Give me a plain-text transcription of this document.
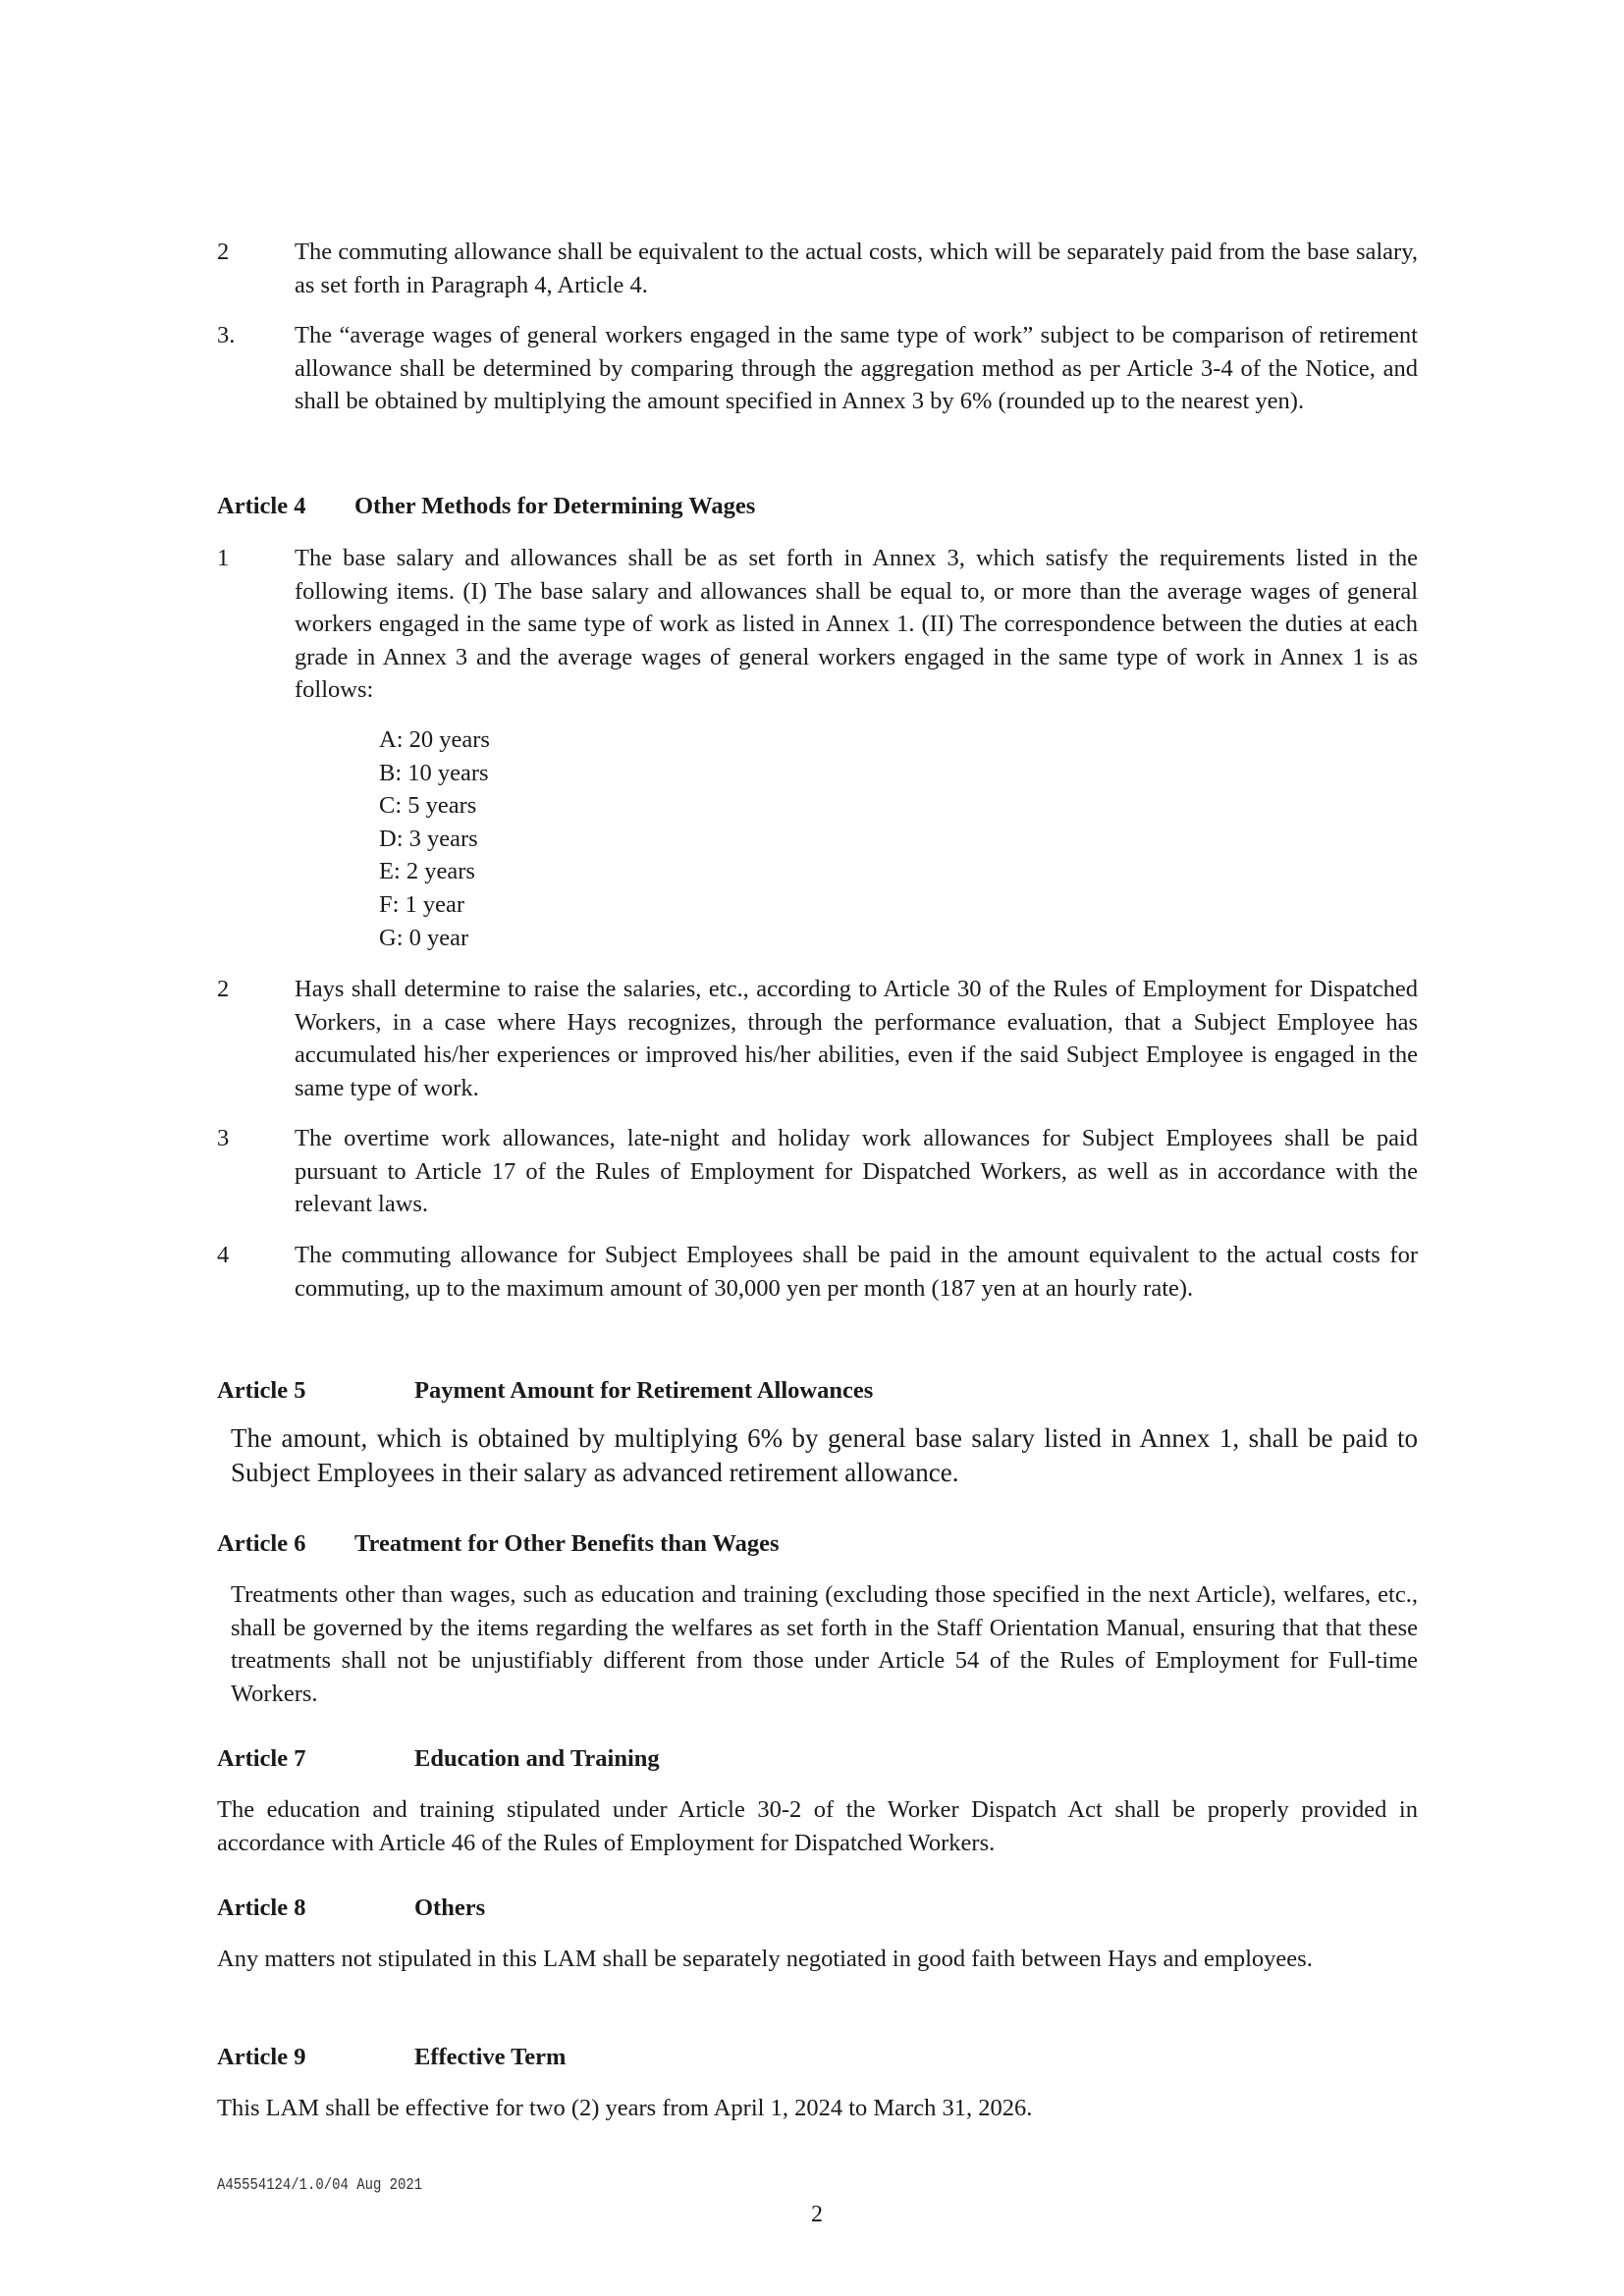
2	The commuting allowance shall be equivalent to the actual costs, which will be separately paid from the base salary, as set forth in Paragraph 4, Article 4.
3. The “average wages of general workers engaged in the same type of work” subject to be comparison of retirement allowance shall be determined by comparing through the aggregation method as per Article 3-4 of the Notice, and shall be obtained by multiplying the amount specified in Annex 3 by 6% (rounded up to the nearest yen).
Article 4 Other Methods for Determining Wages
1	The base salary and allowances shall be as set forth in Annex 3, which satisfy the requirements listed in the following items. (I) The base salary and allowances shall be equal to, or more than the average wages of general workers engaged in the same type of work as listed in Annex 1. (II) The correspondence between the duties at each grade in Annex 3 and the average wages of general workers engaged in the same type of work in Annex 1 is as follows:
A: 20 years
B: 10 years
C: 5 years
D: 3 years
E: 2 years
F: 1 year
G: 0 year
2	Hays shall determine to raise the salaries, etc., according to Article 30 of the Rules of Employment for Dispatched Workers, in a case where Hays recognizes, through the performance evaluation, that a Subject Employee has accumulated his/her experiences or improved his/her abilities, even if the said Subject Employee is engaged in the same type of work.
3	The overtime work allowances, late-night and holiday work allowances for Subject Employees shall be paid pursuant to Article 17 of the Rules of Employment for Dispatched Workers, as well as in accordance with the relevant laws.
4	The commuting allowance for Subject Employees shall be paid in the amount equivalent to the actual costs for commuting, up to the maximum amount of 30,000 yen per month (187 yen at an hourly rate).
Article 5	Payment Amount for Retirement Allowances
The amount, which is obtained by multiplying 6% by general base salary listed in Annex 1, shall be paid to Subject Employees in their salary as advanced retirement allowance.
Article 6 Treatment for Other Benefits than Wages
Treatments other than wages, such as education and training (excluding those specified in the next Article), welfares, etc., shall be governed by the items regarding the welfares as set forth in the Staff Orientation Manual, ensuring that that these treatments shall not be unjustifiably different from those under Article 54 of the Rules of Employment for Full-time Workers.
Article 7	Education and Training
The education and training stipulated under Article 30-2 of the Worker Dispatch Act shall be properly provided in accordance with Article 46 of the Rules of Employment for Dispatched Workers.
Article 8	Others
Any matters not stipulated in this LAM shall be separately negotiated in good faith between Hays and employees.
Article 9	Effective Term
This LAM shall be effective for two (2) years from April 1, 2024 to March 31, 2026.
A45554124/1.0/04 Aug 2021
2
